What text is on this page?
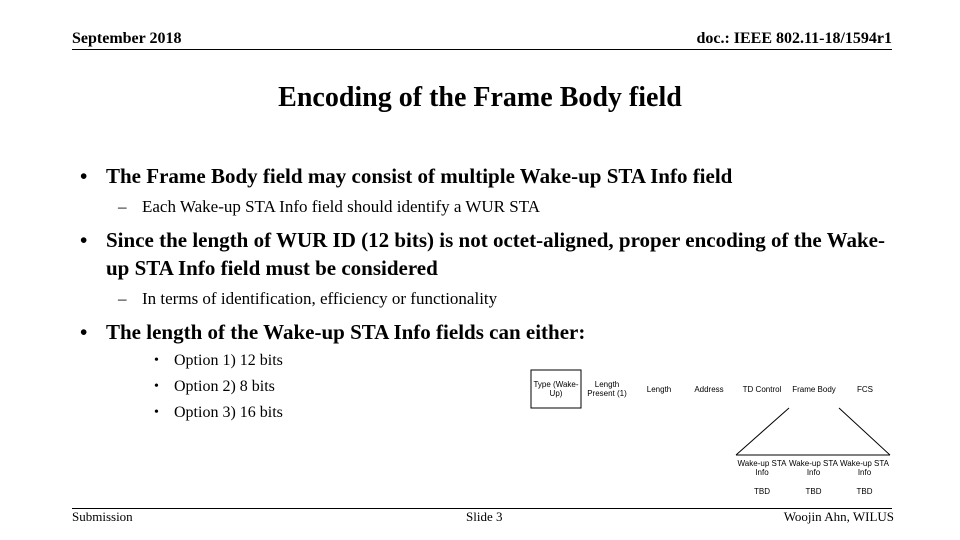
September 2018	doc.: IEEE 802.11-18/1594r1
Encoding of the Frame Body field
• The Frame Body field may consist of multiple Wake-up STA Info field
– Each Wake-up STA Info field should identify a WUR STA
• Since the length of WUR ID (12 bits) is not octet-aligned, proper encoding of the Wake-up STA Info field must be considered
– In terms of identification, efficiency or functionality
• The length of the Wake-up STA Info fields can either:
• Option 1) 12 bits
• Option 2) 8 bits
• Option 3) 16 bits
Type (Wake-Up)
Length Present (1)	Length	Address	TD Control	Frame Body	FCS
Wake-up STA Info
Wake-up STA Info
Wake-up STA Info
TBD	TBD	TBD
Submission	Slide 3	Woojin Ahn, WILUS
